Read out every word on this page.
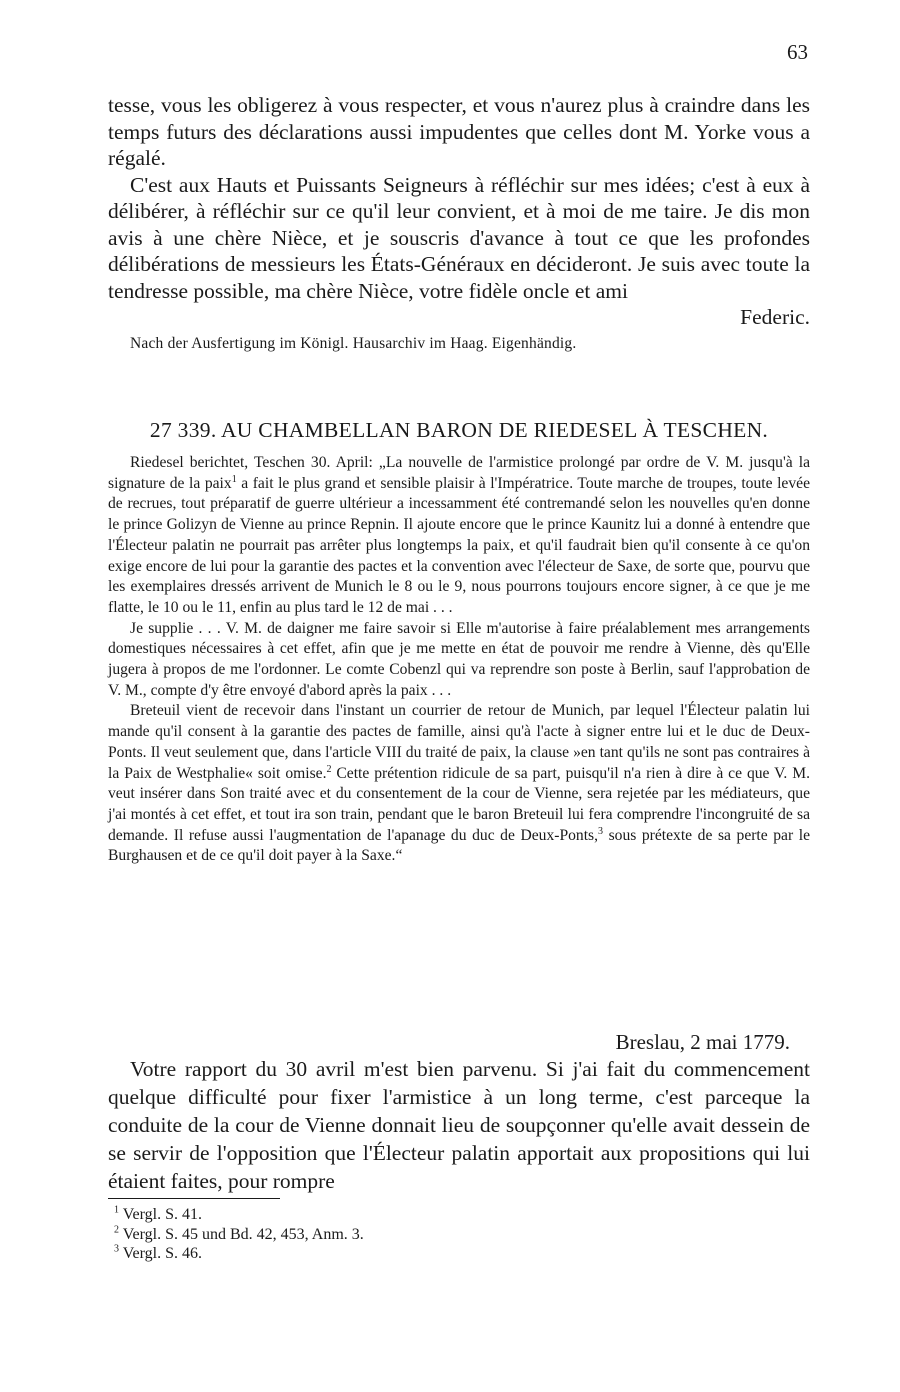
63

tesse, vous les obligerez à vous respecter, et vous n'aurez plus à craindre dans les temps futurs des déclarations aussi impudentes que celles dont M. Yorke vous a régalé.

C'est aux Hauts et Puissants Seigneurs à réfléchir sur mes idées; c'est à eux à délibérer, à réfléchir sur ce qu'il leur convient, et à moi de me taire. Je dis mon avis à une chère Nièce, et je souscris d'avance à tout ce que les profondes délibérations de messieurs les États-Généraux en décideront. Je suis avec toute la tendresse possible, ma chère Nièce, votre fidèle oncle et ami

Federic.

Nach der Ausfertigung im Königl. Hausarchiv im Haag. Eigenhändig.

27 339. AU CHAMBELLAN BARON DE RIEDESEL À TESCHEN.

Riedesel berichtet, Teschen 30. April: „La nouvelle de l'armistice prolongé par ordre de V. M. jusqu'à la signature de la paix$^1$ a fait le plus grand et sensible plaisir à l'Impératrice. Toute marche de troupes, toute levée de recrues, tout préparatif de guerre ultérieur a incessamment été contremandé selon les nouvelles qu'en donne le prince Golizyn de Vienne au prince Repnin. Il ajoute encore que le prince Kaunitz lui a donné à entendre que l'Électeur palatin ne pourrait pas arrêter plus longtemps la paix, et qu'il faudrait bien qu'il consente à ce qu'on exige encore de lui pour la garantie des pactes et la convention avec l'électeur de Saxe, de sorte que, pourvu que les exemplaires dressés arrivent de Munich le 8 ou le 9, nous pourrons toujours encore signer, à ce que je me flatte, le 10 ou le 11, enfin au plus tard le 12 de mai . . .

Je supplie . . . V. M. de daigner me faire savoir si Elle m'autorise à faire préalablement mes arrangements domestiques nécessaires à cet effet, afin que je me mette en état de pouvoir me rendre à Vienne, dès qu'Elle jugera à propos de me l'ordonner. Le comte Cobenzl qui va reprendre son poste à Berlin, sauf l'approbation de V. M., compte d'y être envoyé d'abord après la paix . . .

Breteuil vient de recevoir dans l'instant un courrier de retour de Munich, par lequel l'Électeur palatin lui mande qu'il consent à la garantie des pactes de famille, ainsi qu'à l'acte à signer entre lui et le duc de Deux-Ponts. Il veut seulement que, dans l'article VIII du traité de paix, la clause »en tant qu'ils ne sont pas contraires à la Paix de Westphalie« soit omise.$^2$ Cette prétention ridicule de sa part, puisqu'il n'a rien à dire à ce que V. M. veut insérer dans Son traité avec et du consentement de la cour de Vienne, sera rejetée par les médiateurs, que j'ai montés à cet effet, et tout ira son train, pendant que le baron Breteuil lui fera comprendre l'incongruité de sa demande. Il refuse aussi l'augmentation de l'apanage du duc de Deux-Ponts,$^3$ sous prétexte de sa perte par le Burghausen et de ce qu'il doit payer à la Saxe.“

Breslau, 2 mai 1779.

Votre rapport du 30 avril m'est bien parvenu. Si j'ai fait du commencement quelque difficulté pour fixer l'armistice à un long terme, c'est parceque la conduite de la cour de Vienne donnait lieu de soupçonner qu'elle avait dessein de se servir de l'opposition que l'Électeur palatin apportait aux propositions qui lui étaient faites, pour rompre

$^1$ Vergl. S. 41.

$^2$ Vergl. S. 45 und Bd. 42, 453, Anm. 3.

$^3$ Vergl. S. 46.
